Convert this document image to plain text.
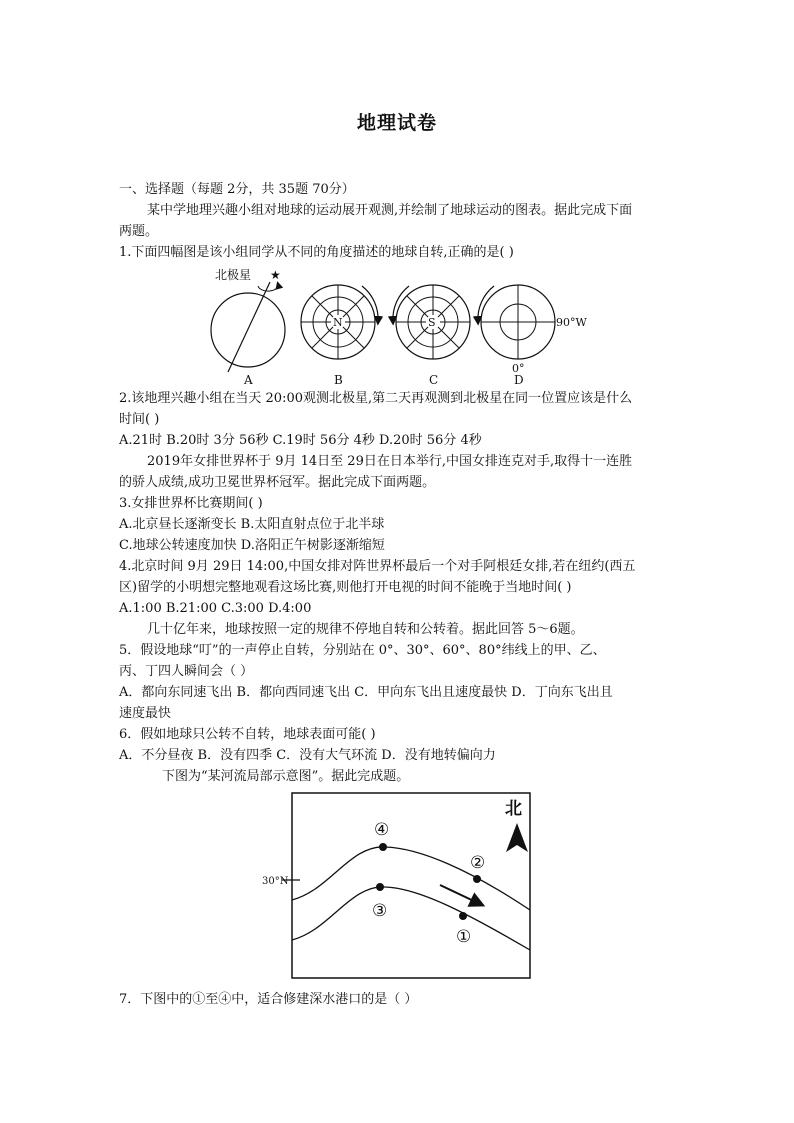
地理试卷
一、选择题（每题 2分，共 35题 70分）
某中学地理兴趣小组对地球的运动展开观测,并绘制了地球运动的图表。据此完成下面
两题。
1.下面四幅图是该小组同学从不同的角度描述的地球自转,正确的是( )
★
北极星
A
N
B
S
C
90°W
0°
D
2.该地理兴趣小组在当天 20:00观测北极星,第二天再观测到北极星在同一位置应该是什么
时间( )
A.21时 B.20时 3分 56秒 C.19时 56分 4秒 D.20时 56分 4秒
2019年女排世界杯于 9月 14日至 29日在日本举行,中国女排连克对手,取得十一连胜
的骄人成绩,成功卫冕世界杯冠军。据此完成下面两题。
3.女排世界杯比赛期间( )
A.北京昼长逐渐变长 B.太阳直射点位于北半球
C.地球公转速度加快 D.洛阳正午树影逐渐缩短
4.北京时间 9月 29日 14:00,中国女排对阵世界杯最后一个对手阿根廷女排,若在纽约(西五
区)留学的小明想完整地观看这场比赛,则他打开电视的时间不能晚于当地时间( )
A.1:00 B.21:00 C.3:00 D.4:00
几十亿年来，地球按照一定的规律不停地自转和公转着。据此回答 5～6题。
5．假设地球“叮”的一声停止自转，分别站在 0°、30°、60°、80°纬线上的甲、乙、
丙、丁四人瞬间会（ ）
A．都向东同速飞出 B．都向西同速飞出 C．甲向东飞出且速度最快 D．丁向东飞出且
速度最快
6．假如地球只公转不自转，地球表面可能( )
A．不分昼夜 B．没有四季 C．没有大气环流 D．没有地转偏向力
下图为“某河流局部示意图”。据此完成题。
30°N
④
②
③
①
北
7．下图中的①至④中，适合修建深水港口的是（ ）
